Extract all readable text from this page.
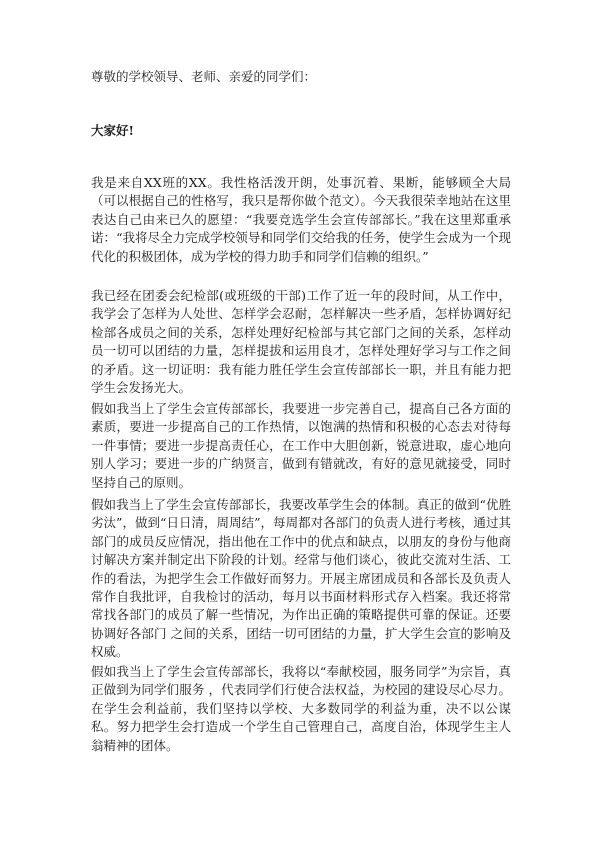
尊敬的学校领导、老师、亲爱的同学们：

大家好!

我是来自XX班的XX。我性格活泼开朗，处事沉着、果断，能够顾全大局（可以根据自己的性格写，我只是帮你做个范文）。今天我很荣幸地站在这里表达自己由来已久的愿望：“我要竞选学生会宣传部部长。”我在这里郑重承诺：“我将尽全力完成学校领导和同学们交给我的任务，使学生会成为一个现代化的积极团体，成为学校的得力助手和同学们信赖的组织。”

我已经在团委会纪检部(或班级的干部)工作了近一年的段时间，从工作中，我学会了怎样为人处世、怎样学会忍耐，怎样解决一些矛盾，怎样协调好纪检部各成员之间的关系，怎样处理好纪检部与其它部门之间的关系，怎样动员一切可以团结的力量，怎样提拔和运用良才，怎样处理好学习与工作之间的矛盾。这一切证明：我有能力胜任学生会宣传部部长一职，并且有能力把学生会发扬光大。

假如我当上了学生会宣传部部长，我要进一步完善自己，提高自己各方面的素质，要进一步提高自己的工作热情，以饱满的热情和积极的心态去对待每一件事情；要进一步提高责任心，在工作中大胆创新，锐意进取，虚心地向别人学习；要进一步的广纳贤言，做到有错就改，有好的意见就接受，同时坚持自己的原则。

假如我当上了学生会宣传部部长，我要改革学生会的体制。真正的做到“优胜劣汰”，做到“日日清，周周结”，每周都对各部门的负责人进行考核，通过其部门的成员反应情况，指出他在工作中的优点和缺点，以朋友的身份与他商讨解决方案并制定出下阶段的计划。经常与他们谈心，彼此交流对生活、工作的看法，为把学生会工作做好而努力。开展主席团成员和各部长及负责人常作自我批评，自我检讨的活动，每月以书面材料形式存入档案。我还将常常找各部门的成员了解一些情况，为作出正确的策略提供可靠的保证。还要协调好各部门 之间的关系，团结一切可团结的力量，扩大学生会宣的影响及权威。

假如我当上了学生会宣传部部长，我将以“奉献校园，服务同学”为宗旨，真正做到为同学们服务 ，代表同学们行使合法权益，为校园的建设尽心尽力。在学生会利益前，我们坚持以学校、大多数同学的利益为重，决不以公谋私。努力把学生会打造成一个学生自己管理自己，高度自治，体现学生主人翁精神的团体。
